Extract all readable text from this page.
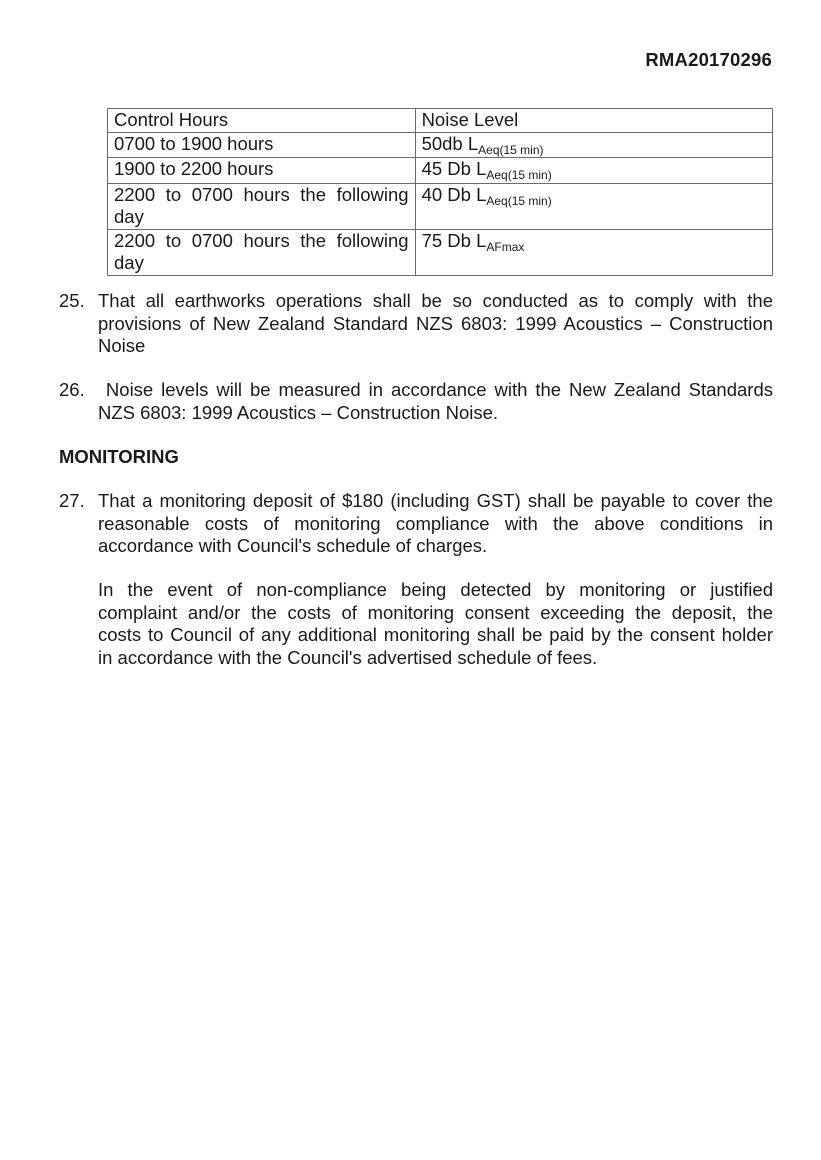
RMA20170296
Control Hours	Noise Level
0700 to 1900 hours	50db $L_{Aeq(15 min)}$
1900 to 2200 hours	45 Db $L_{Aeq(15 min)}$

2200 to 0700 hours the following
day	40 Db $L_{Aeq(15 min)}$

2200 to 0700 hours the following
day	75 Db $L_{AFmax}$
25. That all earthworks operations shall be so conducted as to comply with the
provisions of New Zealand Standard NZS 6803: 1999 Acoustics – Construction
Noise
26. Noise levels will be measured in accordance with the New Zealand Standards
NZS 6803: 1999 Acoustics – Construction Noise.
MONITORING
27. That a monitoring deposit of $180 (including GST) shall be payable to cover the
reasonable costs of monitoring compliance with the above conditions in
accordance with Council's schedule of charges.
In the event of non-compliance being detected by monitoring or justified
complaint and/or the costs of monitoring consent exceeding the deposit, the
costs to Council of any additional monitoring shall be paid by the consent holder
in accordance with the Council's advertised schedule of fees.
